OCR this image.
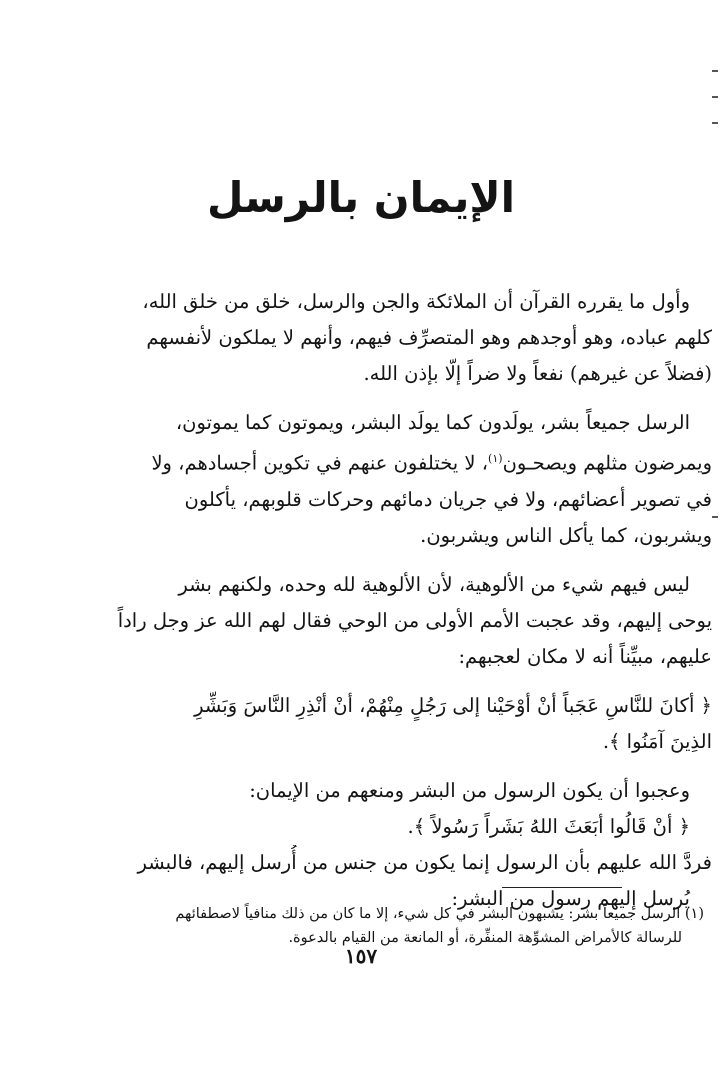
الإيمان بالرسل
وأول ما يقرره القرآن أن الملائكة والجن والرسل، خلق من خلق الله،
كلهم عباده، وهو أوجدهم وهو المتصرِّف فيهم، وأنهم لا يملكون لأنفسهم
(فضلاً عن غيرهم) نفعاً ولا ضراً إلّا بإذن الله.
الرسل جميعاً بشر، يولَدون كما يولَد البشر، ويموتون كما يموتون،
ويمرضون مثلهم ويصحـون$^{(١)}$، لا يختلفون عنهم في تكوين أجسادهم، ولا
في تصوير أعضائهم، ولا في جريان دمائهم وحركات قلوبهم، يأكلون
ويشربون، كما يأكل الناس ويشربون.
ليس فيهم شيء من الألوهية، لأن الألوهية لله وحده، ولكنهم بشر
يوحى إليهم، وقد عجبت الأمم الأولى من الوحي فقال لهم الله عز وجل راداً
عليهم، مبيِّناً أنه لا مكان لعجبهم:
﴿ أكانَ للنَّاسِ عَجَباً أنْ أوْحَيْنا إلى رَجُلٍ مِنْهُمْ، أنْ أنْذِرِ النَّاسَ وَبَشِّرِ
الذِينَ آمَنُوا ﴾.
وعجبوا أن يكون الرسول من البشر ومنعهم من الإيمان:
﴿ أنْ قَالُوا أبَعَثَ اللهُ بَشَراً رَسُولاً ﴾.
فردَّ الله عليهم بأن الرسول إنما يكون من جنس من أُرسل إليهم، فالبشر
يُرسل إليهم رسول من البشر:
(١) الرسل جميعاً بشر: يشبهون البشر في كل شيء، إلا ما كان من ذلك منافياً لاصطفائهم
للرسالة كالأمراض المشوِّهة المنفِّرة، أو المانعة من القيام بالدعوة.
١٥٧
